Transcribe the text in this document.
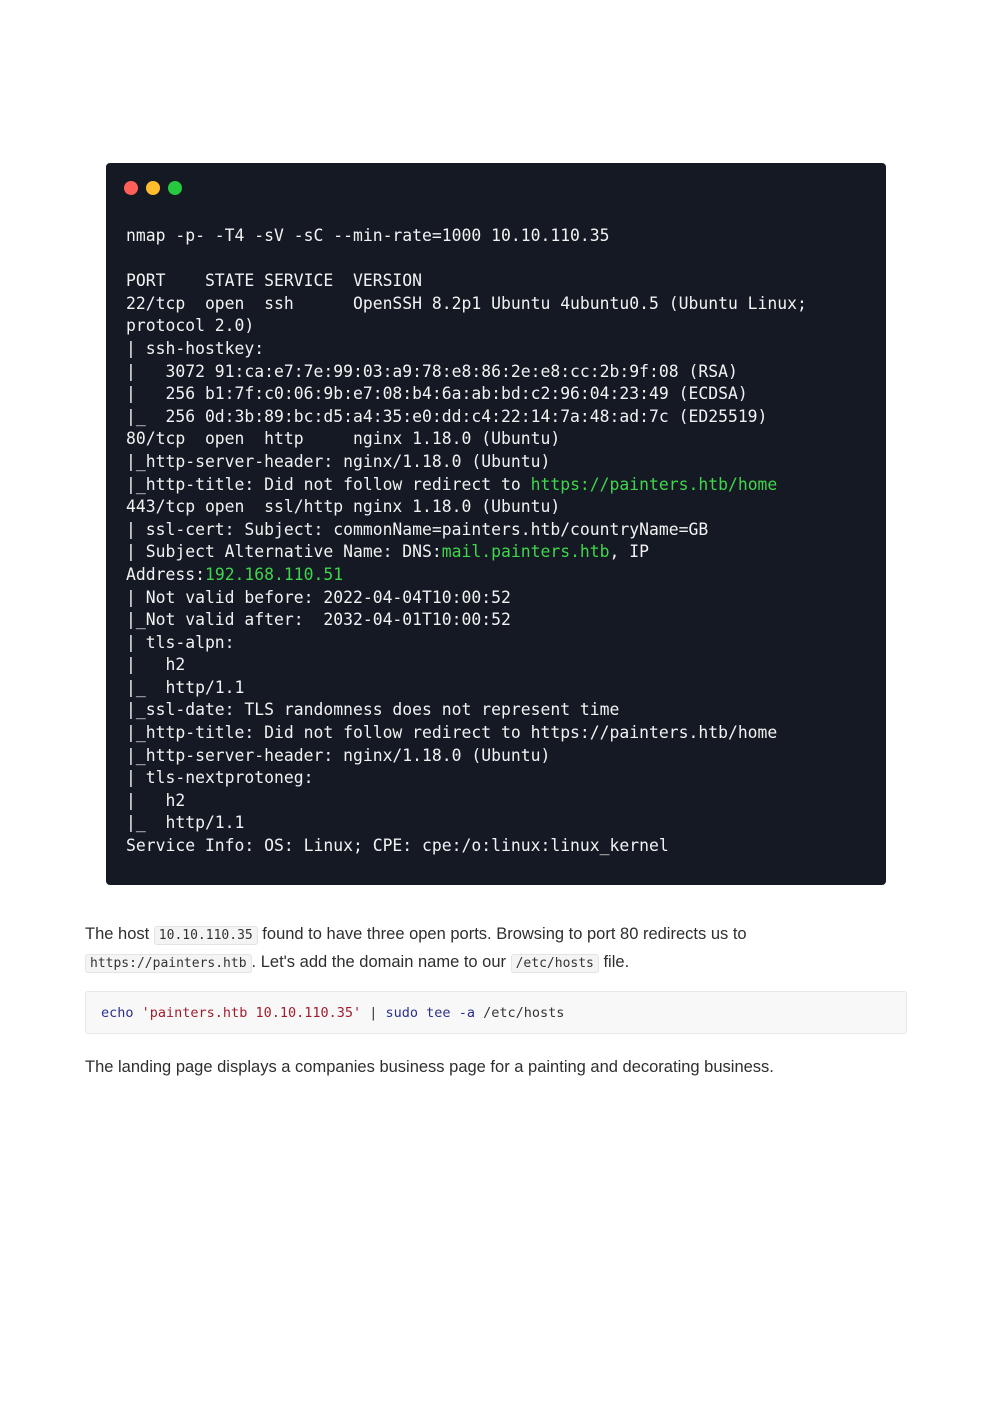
nmap -p- -T4 -sV -sC --min-rate=1000 10.10.110.35
PORT    STATE SERVICE  VERSION
22/tcp  open  ssh      OpenSSH 8.2p1 Ubuntu 4ubuntu0.5 (Ubuntu Linux;
protocol 2.0)
| ssh-hostkey:
|   3072 91:ca:e7:7e:99:03:a9:78:e8:86:2e:e8:cc:2b:9f:08 (RSA)
|   256 b1:7f:c0:06:9b:e7:08:b4:6a:ab:bd:c2:96:04:23:49 (ECDSA)
|_  256 0d:3b:89:bc:d5:a4:35:e0:dd:c4:22:14:7a:48:ad:7c (ED25519)
80/tcp  open  http     nginx 1.18.0 (Ubuntu)
|_http-server-header: nginx/1.18.0 (Ubuntu)
|_http-title: Did not follow redirect to https://painters.htb/home
443/tcp open  ssl/http nginx 1.18.0 (Ubuntu)
| ssl-cert: Subject: commonName=painters.htb/countryName=GB
| Subject Alternative Name: DNS:mail.painters.htb, IP
Address:192.168.110.51
| Not valid before: 2022-04-04T10:00:52
|_Not valid after:  2032-04-01T10:00:52
| tls-alpn:
|   h2
|_  http/1.1
|_ssl-date: TLS randomness does not represent time
|_http-title: Did not follow redirect to https://painters.htb/home
|_http-server-header: nginx/1.18.0 (Ubuntu)
| tls-nextprotoneg:
|   h2
|_  http/1.1
Service Info: OS: Linux; CPE: cpe:/o:linux:linux_kernel
The host 10.10.110.35 found to have three open ports. Browsing to port 80 redirects us to
https://painters.htb . Let's add the domain name to our /etc/hosts file.
echo 'painters.htb 10.10.110.35' | sudo tee -a /etc/hosts
The landing page displays a companies business page for a painting and decorating business.
